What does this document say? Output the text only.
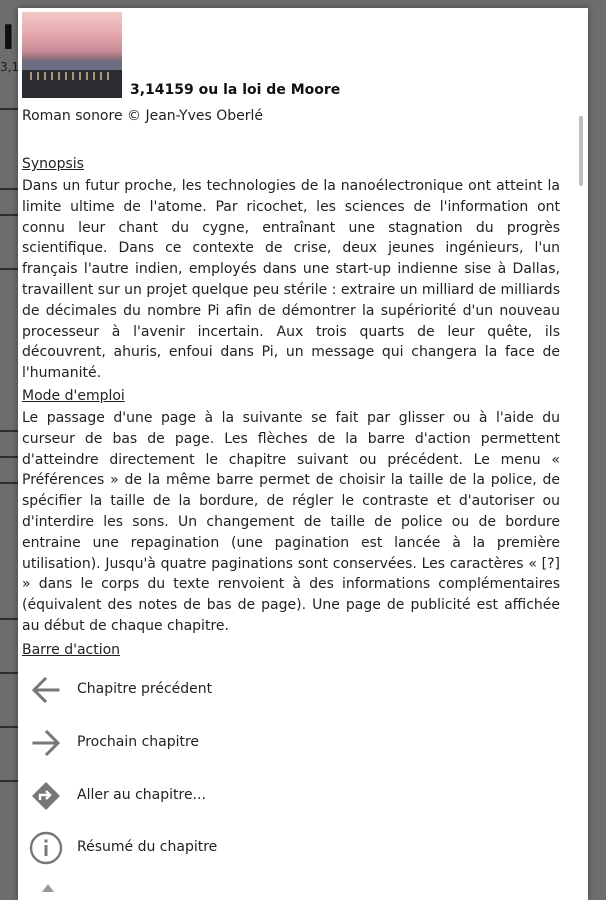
3,14159 ou la loi de Moore
Roman sonore © Jean-Yves Oberlé
Synopsis

Dans un futur proche, les technologies de la nanoélectronique ont atteint la limite ultime de l'atome. Par ricochet, les sciences de l'information ont connu leur chant du cygne, entraînant une stagnation du progrès scientifique. Dans ce contexte de crise, deux jeunes ingénieurs, l'un français l'autre indien, employés dans une start-up indienne sise à Dallas, travaillent sur un projet quelque peu stérile : extraire un milliard de milliards de décimales du nombre Pi afin de démontrer la supériorité d'un nouveau processeur à l'avenir incertain. Aux trois quarts de leur quête, ils découvrent, ahuris, enfoui dans Pi, un message qui changera la face de l'humanité.

Mode d'emploi

Le passage d'une page à la suivante se fait par glisser ou à l'aide du curseur de bas de page. Les flèches de la barre d'action permettent d'atteindre directement le chapitre suivant ou précédent. Le menu « Préférences » de la même barre permet de choisir la taille de la police, de spécifier la taille de la bordure, de régler le contraste et d'autoriser ou d'interdire les sons. Un changement de taille de police ou de bordure entraine une repagination (une pagination est lancée à la première utilisation). Jusqu'à quatre paginations sont conservées. Les caractères « [?] » dans le corps du texte renvoient à des informations complémentaires (équivalent des notes de bas de page). Une page de publicité est affichée au début de chaque chapitre.

Barre d'action
Chapitre précédent
Prochain chapitre
Aller au chapitre...
Résumé du chapitre
